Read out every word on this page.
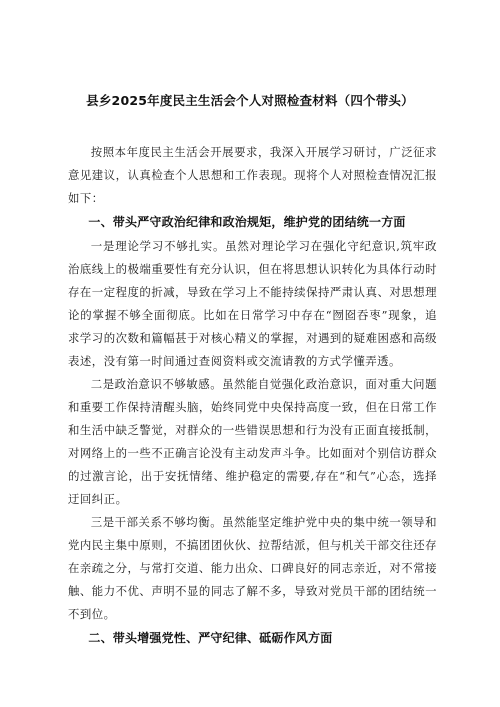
县乡2025年度民主生活会个人对照检查材料（四个带头）

按照本年度民主生活会开展要求，我深入开展学习研讨，广泛征求意见建议，认真检查个人思想和工作表现。现将个人对照检查情况汇报如下：

一、带头严守政治纪律和政治规矩，维护党的团结统一方面

一是理论学习不够扎实。虽然对理论学习在强化守纪意识,筑牢政治底线上的极端重要性有充分认识，但在将思想认识转化为具体行动时存在一定程度的折减，导致在学习上不能持续保持严肃认真、对思想理论的掌握不够全面彻底。比如在日常学习中存在“囫囵吞枣”现象，追求学习的次数和篇幅甚于对核心精义的掌握，对遇到的疑难困惑和高级表述，没有第一时间通过查阅资料或交流请教的方式学懂弄透。

二是政治意识不够敏感。虽然能自觉强化政治意识，面对重大问题和重要工作保持清醒头脑，始终同党中央保持高度一致，但在日常工作和生活中缺乏警觉，对群众的一些错误思想和行为没有正面直接抵制，对网络上的一些不正确言论没有主动发声斗争。比如面对个别信访群众的过激言论，出于安抚情绪、维护稳定的需要,存在“和气”心态，选择迂回纠正。

三是干部关系不够均衡。虽然能坚定维护党中央的集中统一领导和党内民主集中原则，不搞团团伙伙、拉帮结派，但与机关干部交往还存在亲疏之分，与常打交道、能力出众、口碑良好的同志亲近，对不常接触、能力不优、声明不显的同志了解不多，导致对党员干部的团结统一不到位。

二、带头增强党性、严守纪律、砥砺作风方面
